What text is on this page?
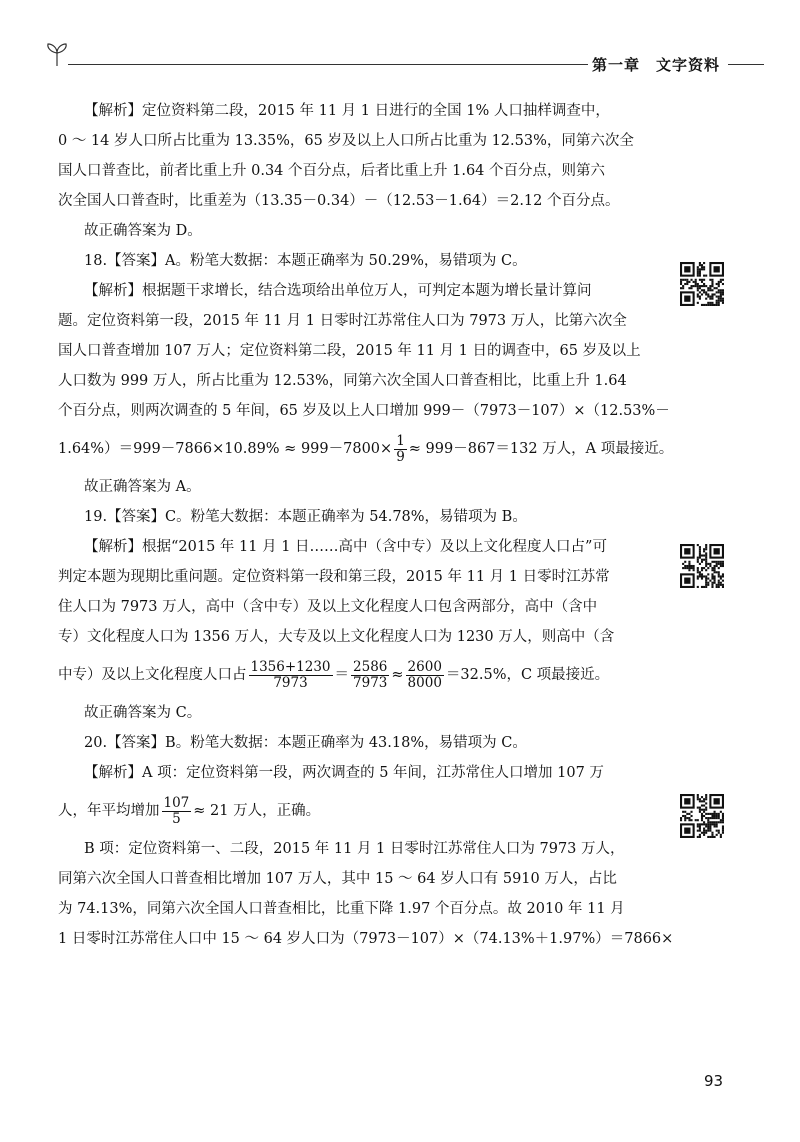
第一章 文字资料
【解析】定位资料第二段，2015 年 11 月 1 日进行的全国 1% 人口抽样调查中，
0 ～ 14 岁人口所占比重为 13.35%，65 岁及以上人口所占比重为 12.53%，同第六次全
国人口普查比，前者比重上升 0.34 个百分点，后者比重上升 1.64 个百分点，则第六
次全国人口普查时，比重差为（13.35－0.34）－（12.53－1.64）＝2.12 个百分点。
故正确答案为 D。
18.【答案】A。粉笔大数据：本题正确率为 50.29%，易错项为 C。
【解析】根据题干求增长，结合选项给出单位万人，可判定本题为增长量计算问
题。定位资料第一段，2015 年 11 月 1 日零时江苏常住人口为 7973 万人，比第六次全
国人口普查增加 107 万人；定位资料第二段，2015 年 11 月 1 日的调查中，65 岁及以上
人口数为 999 万人，所占比重为 12.53%，同第六次全国人口普查相比，比重上升 1.64
个百分点，则两次调查的 5 年间，65 岁及以上人口增加 999－（7973－107）×（12.53%－
$1.64\%)=999-7866\times 10.89\% \approx 999-7800\times \frac{1}{9} \approx 999-867=132$ 万人，A 项最接近。
故正确答案为 A。
19.【答案】C。粉笔大数据：本题正确率为 54.78%，易错项为 B。
【解析】根据“2015 年 11 月 1 日……高中（含中专）及以上文化程度人口占”可
判定本题为现期比重问题。定位资料第一段和第三段，2015 年 11 月 1 日零时江苏常
住人口为 7973 万人，高中（含中专）及以上文化程度人口包含两部分，高中（含中
专）文化程度人口为 1356 万人，大专及以上文化程度人口为 1230 万人，则高中（含
中专）及以上文化程度人口占 $\frac{1356+1230}{7973} = \frac{2586}{7973} \approx \frac{2600}{8000} =32.5\%$，C 项最接近。
故正确答案为 C。
20.【答案】B。粉笔大数据：本题正确率为 43.18%，易错项为 C。
【解析】A 项：定位资料第一段，两次调查的 5 年间，江苏常住人口增加 107 万
人，年平均增加 $\frac{107}{5} \approx 21$ 万人，正确。
B 项：定位资料第一、二段，2015 年 11 月 1 日零时江苏常住人口为 7973 万人，
同第六次全国人口普查相比增加 107 万人，其中 15 ～ 64 岁人口有 5910 万人，占比
为 74.13%，同第六次全国人口普查相比，比重下降 1.97 个百分点。故 2010 年 11 月
1 日零时江苏常住人口中 15 ～ 64 岁人口为（7973－107）×（74.13%＋1.97%）＝7866×
93
